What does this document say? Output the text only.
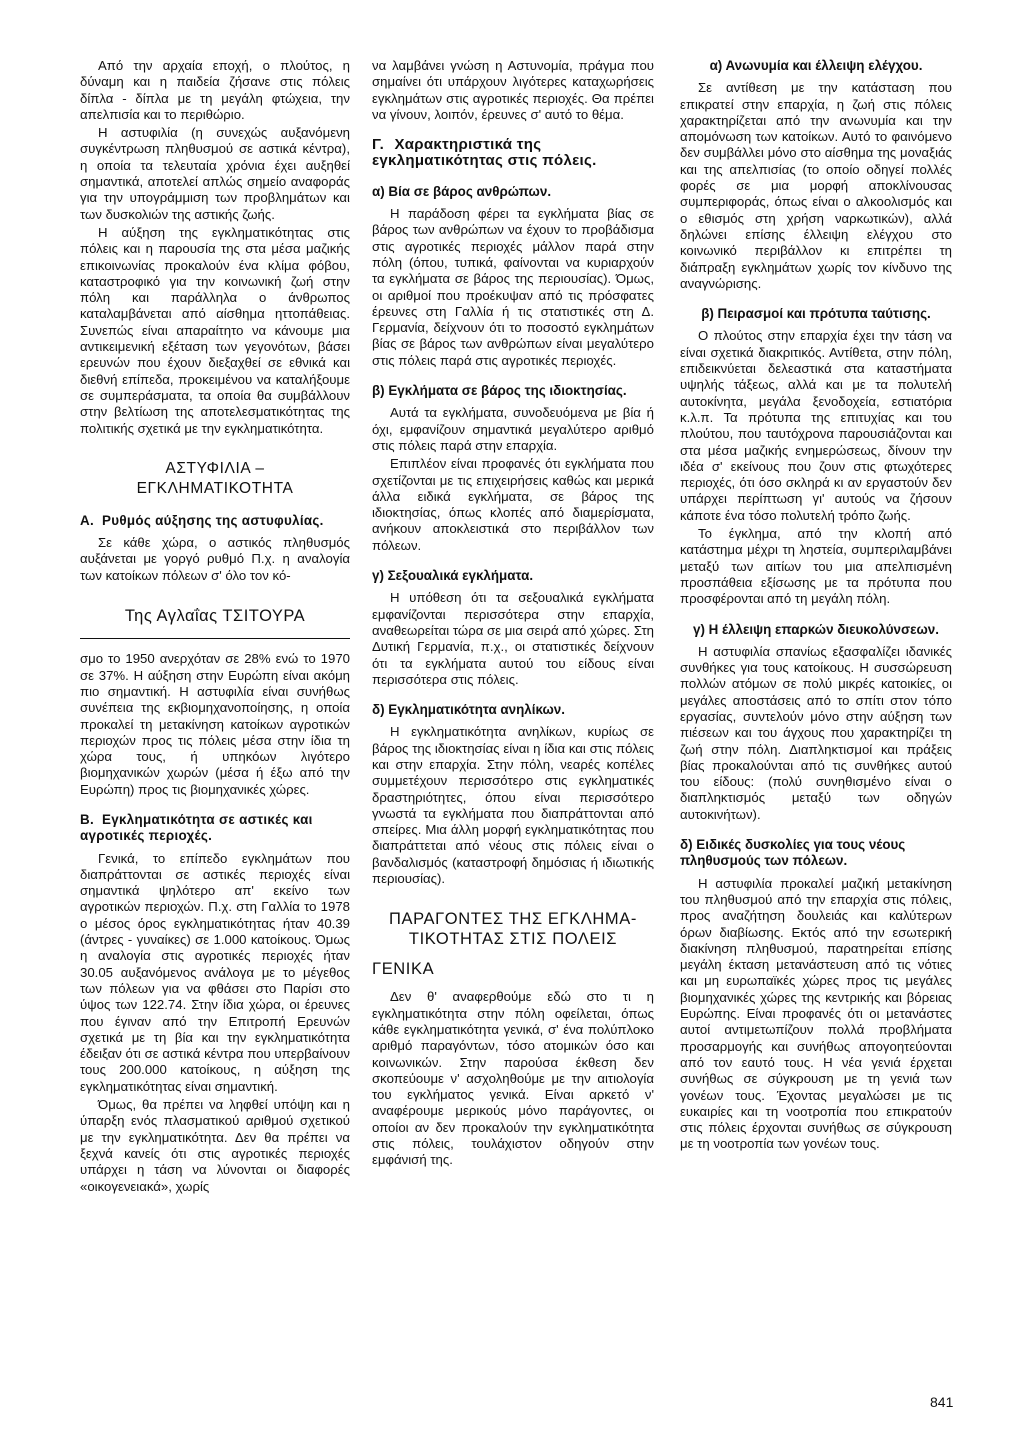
Από την αρχαία εποχή, ο πλούτος, η δύναμη και η παιδεία ζήσανε στις πόλεις δίπλα - δίπλα με τη μεγάλη φτώχεια, την απελπισία και το περιθώριο.

Η αστυφιλία (η συνεχώς αυξανόμενη συγκέντρωση πληθυσμού σε αστικά κέντρα), η οποία τα τελευταία χρόνια έχει αυξηθεί σημαντικά, αποτελεί απλώς σημείο αναφοράς για την υπογράμμιση των προβλημάτων και των δυσκολιών της αστικής ζωής.

Η αύξηση της εγκληματικότητας στις πόλεις και η παρουσία της στα μέσα μαζικής επικοινωνίας προκαλούν ένα κλίμα φόβου, καταστροφικό για την κοινωνική ζωή στην πόλη και παράλληλα ο άνθρωπος καταλαμβάνεται από αίσθημα ηττοπάθειας. Συνεπώς είναι απαραίτητο να κάνουμε μια αντικειμενική εξέταση των γεγονότων, βάσει ερευνών που έχουν διεξαχθεί σε εθνικά και διεθνή επίπεδα, προκειμένου να καταλήξουμε σε συμπεράσματα, τα οποία θα συμβάλλουν στην βελτίωση της αποτελεσματικότητας της πολιτικής σχετικά με την εγκληματικότητα.

ΑΣΤΥΦΙΛΙΑ –
ΕΓΚΛΗΜΑΤΙΚΟΤΗΤΑ
Α. Ρυθμός αύξησης της αστυφυλίας.

Σε κάθε χώρα, ο αστικός πληθυσμός αυξάνεται με γοργό ρυθμό Π.χ. η αναλογία των κατοίκων πόλεων σ' όλο τον κό-

Της Αγλαΐας ΤΣΙΤΟΥΡΑ

σμο το 1950 ανερχόταν σε 28% ενώ το 1970 σε 37%. Η αύξηση στην Ευρώπη είναι ακόμη πιο σημαντική. Η αστυφιλία είναι συνήθως συνέπεια της εκβιομηχανοποίησης, η οποία προκαλεί τη μετακίνηση κατοίκων αγροτικών περιοχών προς τις πόλεις μέσα στην ίδια τη χώρα τους, ή υπηκόων λιγότερο βιομηχανικών χωρών (μέσα ή έξω από την Ευρώπη) προς τις βιομηχανικές χώρες.

Β. Εγκληματικότητα σε αστικές και αγροτικές περιοχές.

Γενικά, το επίπεδο εγκλημάτων που διαπράττονται σε αστικές περιοχές είναι σημαντικά ψηλότερο απ' εκείνο των αγροτικών περιοχών. Π.χ. στη Γαλλία το 1978 ο μέσος όρος εγκληματικότητας ήταν 40.39 (άντρες - γυναίκες) σε 1.000 κατοίκους. Όμως η αναλογία στις αγροτικές περιοχές ήταν 30.05 αυξανόμενος ανάλογα με το μέγεθος των πόλεων για να φθάσει στο Παρίσι στο ύψος των 122.74. Στην ίδια χώρα, οι έρευνες που έγιναν από την Επιτροπή Ερευνών σχετικά με τη βία και την εγκληματικότητα έδειξαν ότι σε αστικά κέντρα που υπερβαίνουν τους 200.000 κατοίκους, η αύξηση της εγκληματικότητας είναι σημαντική.

Όμως, θα πρέπει να ληφθεί υπόψη και η ύπαρξη ενός πλασματικού αριθμού σχετικού με την εγκληματικότητα. Δεν θα πρέπει να ξεχνά κανείς ότι στις αγροτικές περιοχές υπάρχει η τάση να λύνονται οι διαφορές «οικογενειακά», χωρίς

να λαμβάνει γνώση η Αστυνομία, πράγμα που σημαίνει ότι υπάρχουν λιγότερες καταχωρήσεις εγκλημάτων στις αγροτικές περιοχές. Θα πρέπει να γίνουν, λοιπόν, έρευνες σ' αυτό το θέμα.

Γ. Χαρακτηριστικά της εγκληματικότητας στις πόλεις.
α) Βία σε βάρος ανθρώπων.

Η παράδοση φέρει τα εγκλήματα βίας σε βάρος των ανθρώπων να έχουν το προβάδισμα στις αγροτικές περιοχές μάλλον παρά στην πόλη (όπου, τυπικά, φαίνονται να κυριαρχούν τα εγκλήματα σε βάρος της περιουσίας). Όμως, οι αριθμοί που προέκυψαν από τις πρόσφατες έρευνες στη Γαλλία ή τις στατιστικές στη Δ. Γερμανία, δείχνουν ότι το ποσοστό εγκλημάτων βίας σε βάρος των ανθρώπων είναι μεγαλύτερο στις πόλεις παρά στις αγροτικές περιοχές.

β) Εγκλήματα σε βάρος της ιδιοκτησίας.

Αυτά τα εγκλήματα, συνοδευόμενα με βία ή όχι, εμφανίζουν σημαντικά μεγαλύτερο αριθμό στις πόλεις παρά στην επαρχία.

Επιπλέον είναι προφανές ότι εγκλήματα που σχετίζονται με τις επιχειρήσεις καθώς και μερικά άλλα ειδικά εγκλήματα, σε βάρος της ιδιοκτησίας, όπως κλοπές από διαμερίσματα, ανήκουν αποκλειστικά στο περιβάλλον των πόλεων.

γ) Σεξουαλικά εγκλήματα.

Η υπόθεση ότι τα σεξουαλικά εγκλήματα εμφανίζονται περισσότερα στην επαρχία, αναθεωρείται τώρα σε μια σειρά από χώρες. Στη Δυτική Γερμανία, π.χ., οι στατιστικές δείχνουν ότι τα εγκλήματα αυτού του είδους είναι περισσότερα στις πόλεις.

δ) Εγκληματικότητα ανηλίκων.

Η εγκληματικότητα ανηλίκων, κυρίως σε βάρος της ιδιοκτησίας είναι η ίδια και στις πόλεις και στην επαρχία. Στην πόλη, νεαρές κοπέλες συμμετέχουν περισσότερο στις εγκληματικές δραστηριότητες, όπου είναι περισσότερο γνωστά τα εγκλήματα που διαπράττονται από σπείρες. Μια άλλη μορφή εγκληματικότητας που διαπράττεται από νέους στις πόλεις είναι ο βανδαλισμός (καταστροφή δημόσιας ή ιδιωτικής περιουσίας).

ΠΑΡΑΓΟΝΤΕΣ ΤΗΣ ΕΓΚΛΗΜΑ-
ΤΙΚΟΤΗΤΑΣ ΣΤΙΣ ΠΟΛΕΙΣ
ΓΕΝΙΚΑ

Δεν θ' αναφερθούμε εδώ στο τι η εγκληματικότητα στην πόλη οφείλεται, όπως κάθε εγκληματικότητα γενικά, σ' ένα πολύπλοκο αριθμό παραγόντων, τόσο ατομικών όσο και κοινωνικών. Στην παρούσα έκθεση δεν σκοπεύουμε ν' ασχοληθούμε με την αιτιολογία του εγκλήματος γενικά. Είναι αρκετό ν' αναφέρουμε μερικούς μόνο παράγοντες, οι οποίοι αν δεν προκαλούν την εγκληματικότητα στις πόλεις, τουλάχιστον οδηγούν στην εμφάνισή της.

α) Ανωνυμία και έλλειψη ελέγχου.

Σε αντίθεση με την κατάσταση που επικρατεί στην επαρχία, η ζωή στις πόλεις χαρακτηρίζεται από την ανωνυμία και την απομόνωση των κατοίκων. Αυτό το φαινόμενο δεν συμβάλλει μόνο στο αίσθημα της μοναξιάς και της απελπισίας (το οποίο οδηγεί πολλές φορές σε μια μορφή αποκλίνουσας συμπεριφοράς, όπως είναι ο αλκοολισμός και ο εθισμός στη χρήση ναρκωτικών), αλλά δηλώνει επίσης έλλειψη ελέγχου στο κοινωνικό περιβάλλον κι επιτρέπει τη διάπραξη εγκλημάτων χωρίς τον κίνδυνο της αναγνώρισης.

β) Πειρασμοί και πρότυπα ταύτισης.

Ο πλούτος στην επαρχία έχει την τάση να είναι σχετικά διακριτικός. Αντίθετα, στην πόλη, επιδεικνύεται δελεαστικά στα καταστήματα υψηλής τάξεως, αλλά και με τα πολυτελή αυτοκίνητα, μεγάλα ξενοδοχεία, εστιατόρια κ.λ.π. Τα πρότυπα της επιτυχίας και του πλούτου, που ταυτόχρονα παρουσιάζονται και στα μέσα μαζικής ενημερώσεως, δίνουν την ιδέα σ' εκείνους που ζουν στις φτωχότερες περιοχές, ότι όσο σκληρά κι αν εργαστούν δεν υπάρχει περίπτωση γι' αυτούς να ζήσουν κάποτε ένα τόσο πολυτελή τρόπο ζωής.

Το έγκλημα, από την κλοπή από κατάστημα μέχρι τη ληστεία, συμπεριλαμβάνει μεταξύ των αιτίων του μια απελπισμένη προσπάθεια εξίσωσης με τα πρότυπα που προσφέρονται από τη μεγάλη πόλη.

γ) Η έλλειψη επαρκών διευκολύνσεων.

Η αστυφιλία σπανίως εξασφαλίζει ιδανικές συνθήκες για τους κατοίκους. Η συσσώρευση πολλών ατόμων σε πολύ μικρές κατοικίες, οι μεγάλες αποστάσεις από το σπίτι στον τόπο εργασίας, συντελούν μόνο στην αύξηση των πιέσεων και του άγχους που χαρακτηρίζει τη ζωή στην πόλη. Διαπληκτισμοί και πράξεις βίας προκαλούνται από τις συνθήκες αυτού του είδους: (πολύ συνηθισμένο είναι ο διαπληκτισμός μεταξύ των οδηγών αυτοκινήτων).

δ) Ειδικές δυσκολίες για τους νέους πληθυσμούς των πόλεων.

Η αστυφιλία προκαλεί μαζική μετακίνηση του πληθυσμού από την επαρχία στις πόλεις, προς αναζήτηση δουλειάς και καλύτερων όρων διαβίωσης. Εκτός από την εσωτερική διακίνηση πληθυσμού, παρατηρείται επίσης μεγάλη έκταση μετανάστευση από τις νότιες και μη ευρωπαϊκές χώρες προς τις μεγάλες βιομηχανικές χώρες της κεντρικής και βόρειας Ευρώπης. Είναι προφανές ότι οι μετανάστες αυτοί αντιμετωπίζουν πολλά προβλήματα προσαρμογής και συνήθως απογοητεύονται από τον εαυτό τους. Η νέα γενιά έρχεται συνήθως σε σύγκρουση με τη γενιά των γονέων τους. Έχοντας μεγαλώσει με τις ευκαιρίες και τη νοοτροπία που επικρατούν στις πόλεις έρχονται συνήθως σε σύγκρουση με τη νοοτροπία των γονέων τους.

841
